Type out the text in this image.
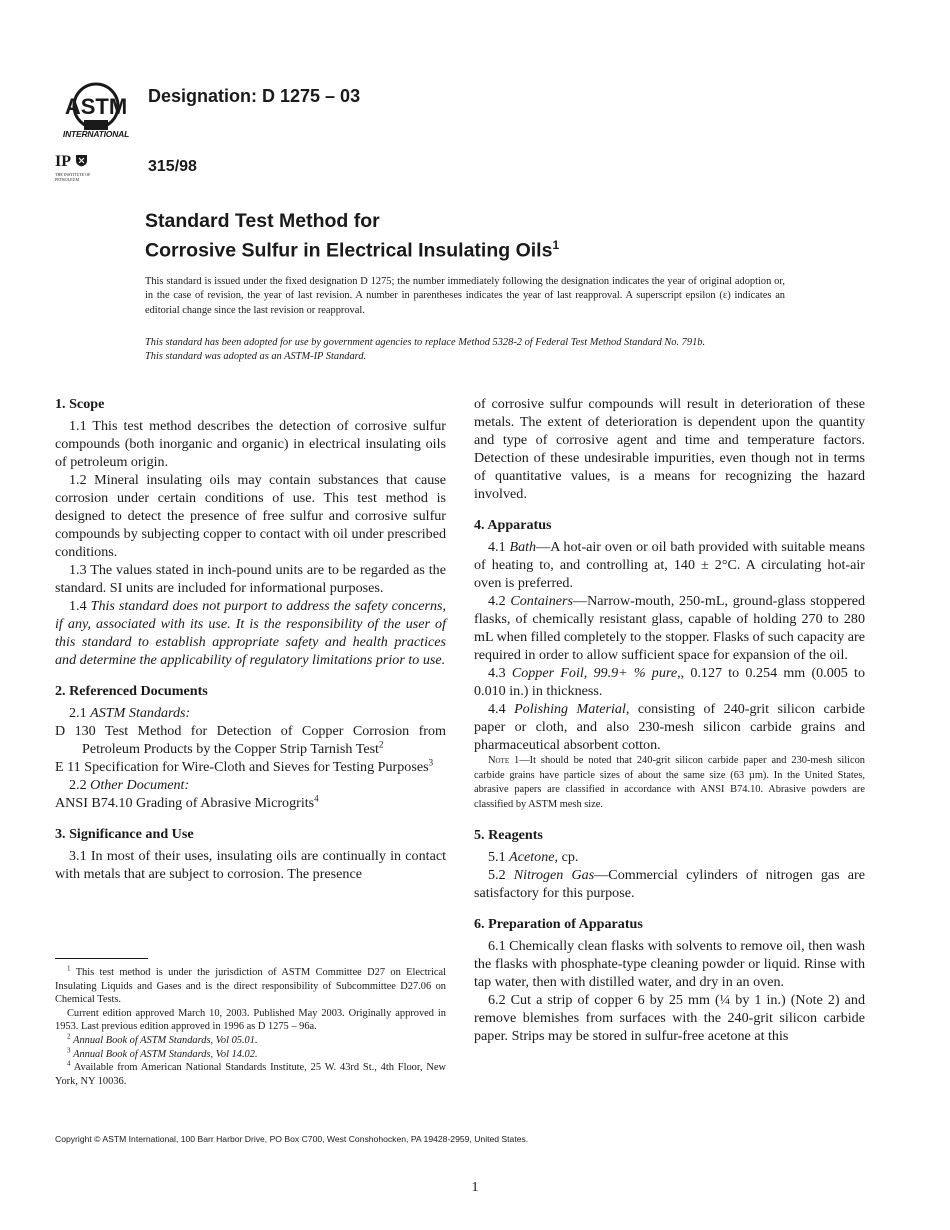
ASTM
INTERNATIONAL
IP
THE INSTITUTE OF PETROLEUM
Designation: D 1275 – 03
315/98
Standard Test Method for
Corrosive Sulfur in Electrical Insulating Oils$^1$
This standard is issued under the fixed designation D 1275; the number immediately following the designation indicates the year of original adoption or, in the case of revision, the year of last revision. A number in parentheses indicates the year of last reapproval. A superscript epsilon (ε) indicates an editorial change since the last revision or reapproval.
This standard has been adopted for use by government agencies to replace Method 5328-2 of Federal Test Method Standard No. 791b.
This standard was adopted as an ASTM-IP Standard.
1. Scope

1.1 This test method describes the detection of corrosive sulfur compounds (both inorganic and organic) in electrical insulating oils of petroleum origin.

1.2 Mineral insulating oils may contain substances that cause corrosion under certain conditions of use. This test method is designed to detect the presence of free sulfur and corrosive sulfur compounds by subjecting copper to contact with oil under prescribed conditions.

1.3 The values stated in inch-pound units are to be regarded as the standard. SI units are included for informational purposes.

1.4 This standard does not purport to address the safety concerns, if any, associated with its use. It is the responsibility of the user of this standard to establish appropriate safety and health practices and determine the applicability of regulatory limitations prior to use.

2. Referenced Documents

2.1 ASTM Standards:

D 130 Test Method for Detection of Copper Corrosion from Petroleum Products by the Copper Strip Tarnish Test$^2$

E 11 Specification for Wire-Cloth and Sieves for Testing Purposes$^3$

2.2 Other Document:

ANSI B74.10 Grading of Abrasive Microgrits$^4$

3. Significance and Use

3.1 In most of their uses, insulating oils are continually in contact with metals that are subject to corrosion. The presence

of corrosive sulfur compounds will result in deterioration of these metals. The extent of deterioration is dependent upon the quantity and type of corrosive agent and time and temperature factors. Detection of these undesirable impurities, even though not in terms of quantitative values, is a means for recognizing the hazard involved.

4. Apparatus

4.1 Bath—A hot-air oven or oil bath provided with suitable means of heating to, and controlling at, 140 ± 2°C. A circulating hot-air oven is preferred.

4.2 Containers—Narrow-mouth, 250-mL, ground-glass stoppered flasks, of chemically resistant glass, capable of holding 270 to 280 mL when filled completely to the stopper. Flasks of such capacity are required in order to allow sufficient space for expansion of the oil.

4.3 Copper Foil, 99.9+ % pure,, 0.127 to 0.254 mm (0.005 to 0.010 in.) in thickness.

4.4 Polishing Material, consisting of 240-grit silicon carbide paper or cloth, and also 230-mesh silicon carbide grains and pharmaceutical absorbent cotton.

Note 1—It should be noted that 240-grit silicon carbide paper and 230-mesh silicon carbide grains have particle sizes of about the same size (63 µm). In the United States, abrasive papers are classified in accordance with ANSI B74.10. Abrasive powders are classified by ASTM mesh size.

5. Reagents

5.1 Acetone, cp.

5.2 Nitrogen Gas—Commercial cylinders of nitrogen gas are satisfactory for this purpose.

6. Preparation of Apparatus

6.1 Chemically clean flasks with solvents to remove oil, then wash the flasks with phosphate-type cleaning powder or liquid. Rinse with tap water, then with distilled water, and dry in an oven.

6.2 Cut a strip of copper 6 by 25 mm (¼ by 1 in.) (Note 2) and remove blemishes from surfaces with the 240-grit silicon carbide paper. Strips may be stored in sulfur-free acetone at this

$^1$ This test method is under the jurisdiction of ASTM Committee D27 on Electrical Insulating Liquids and Gases and is the direct responsibility of Subcommittee D27.06 on Chemical Tests.

Current edition approved March 10, 2003. Published May 2003. Originally approved in 1953. Last previous edition approved in 1996 as D 1275 – 96a.

$^2$ Annual Book of ASTM Standards, Vol 05.01.

$^3$ Annual Book of ASTM Standards, Vol 14.02.

$^4$ Available from American National Standards Institute, 25 W. 43rd St., 4th Floor, New York, NY 10036.

Copyright © ASTM International, 100 Barr Harbor Drive, PO Box C700, West Conshohocken, PA 19428-2959, United States.
1
